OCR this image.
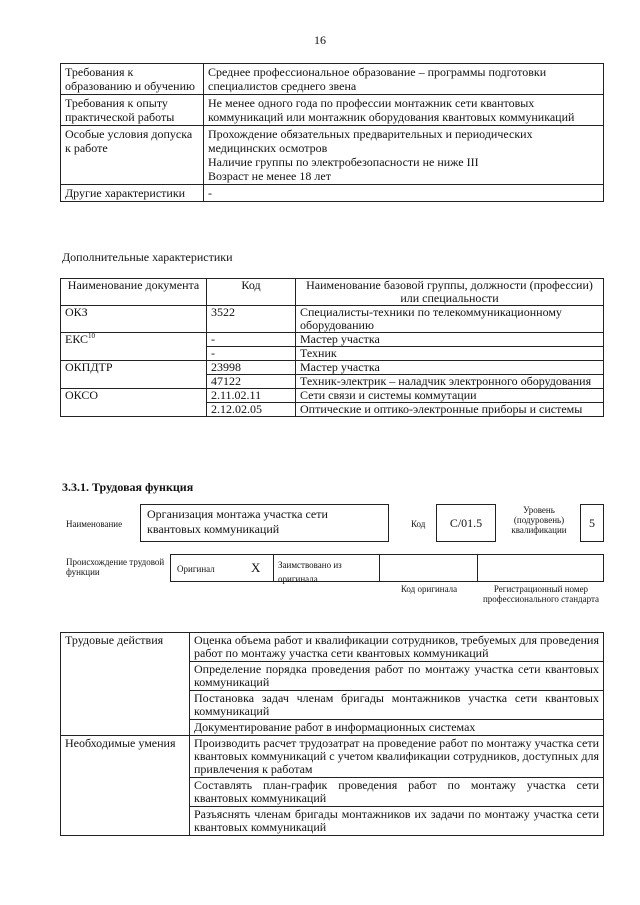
16
Требования к образованию и обучению	Среднее профессиональное образование – программы подготовки специалистов среднего звена
Требования к опыту практической работы	Не менее одного года по профессии монтажник сети квантовых коммуникаций или монтажник оборудования квантовых коммуникаций
Особые условия допуска к работе	Прохождение обязательных предварительных и периодических медицинских осмотров
Наличие группы по электробезопасности не ниже III
Возраст не менее 18 лет

Другие характеристики	-
Дополнительные характеристики
Наименование документа	Код	Наименование базовой группы, должности (профессии) или специальности
ОКЗ	3522	Специалисты-техники по телекоммуникационному оборудованию
ЕКС$^{10}$	-	Мастер участка
	-	Техник
ОКПДТР	23998	Мастер участка
	47122	Техник-электрик – наладчик электронного оборудования
ОКСО	2.11.02.11	Сети связи и системы коммутации
	2.12.02.05	Оптические и оптико-электронные приборы и системы
3.3.1. Трудовая функция
Наименование
Организация монтажа участка сети квантовых коммуникаций	Код	C/01.5
Уровень (подуровень) квалификации	5
Происхождение трудовой функции	Оригинал	X	Заимствовано из оригинала
Код оригинала	Регистрационный номер профессионального стандарта
Трудовые действия	Оценка объема работ и квалификации сотрудников, требуемых для проведения работ по монтажу участка сети квантовых коммуникаций
	Определение порядка проведения работ по монтажу участка сети квантовых коммуникаций
	Постановка задач членам бригады монтажников участка сети квантовых коммуникаций
	Документирование работ в информационных системах
Необходимые умения	Производить расчет трудозатрат на проведение работ по монтажу участка сети квантовых коммуникаций с учетом квалификации сотрудников, доступных для привлечения к работам
	Составлять план-график проведения работ по монтажу участка сети квантовых коммуникаций
	Разъяснять членам бригады монтажников их задачи по монтажу участка сети квантовых коммуникаций
